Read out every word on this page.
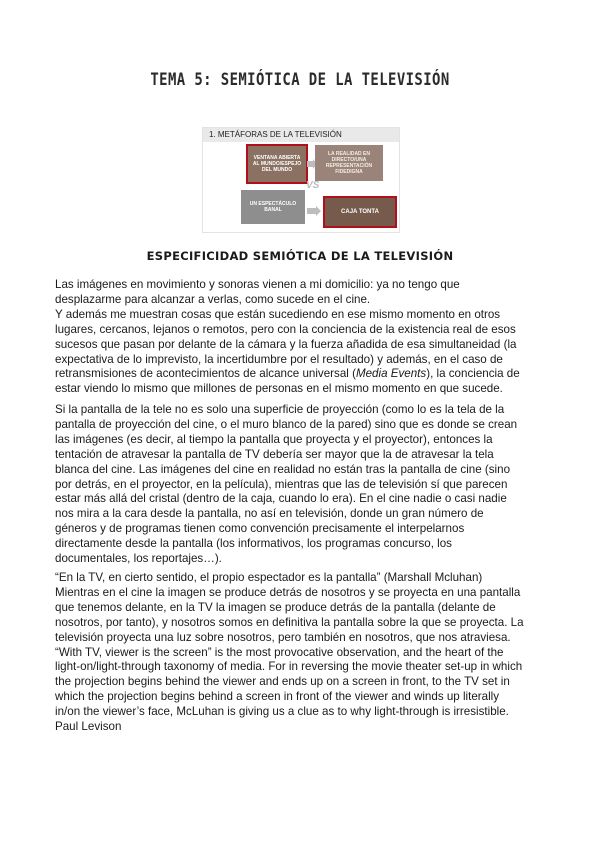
TEMA 5: SEMIÓTICA DE LA TELEVISIÓN
1. METÁFORAS DE LA TELEVISIÓN
VENTANA ABIERTA AL MUNDO/ESPEJO DEL MUNDO
LA REALIDAD EN DIRECTO/UNA REPRESENTACIÓN FIDEDIGNA
VS
UN ESPECTÁCULO BANAL	CAJA TONTA
ESPECIFICIDAD SEMIÓTICA DE LA TELEVISIÓN

Las imágenes en movimiento y sonoras vienen a mi domicilio: ya no tengo que
desplazarme para alcanzar a verlas, como sucede en el cine.
Y además me muestran cosas que están sucediendo en ese mismo momento en otros
lugares, cercanos, lejanos o remotos, pero con la conciencia de la existencia real de esos
sucesos que pasan por delante de la cámara y la fuerza añadida de esa simultaneidad (la
expectativa de lo imprevisto, la incertidumbre por el resultado) y además, en el caso de
retransmisiones de acontecimientos de alcance universal (Media Events), la conciencia de
estar viendo lo mismo que millones de personas en el mismo momento en que sucede.

Si la pantalla de la tele no es solo una superficie de proyección (como lo es la tela de la
pantalla de proyección del cine, o el muro blanco de la pared) sino que es donde se crean
las imágenes (es decir, al tiempo la pantalla que proyecta y el proyector), entonces la
tentación de atravesar la pantalla de TV debería ser mayor que la de atravesar la tela
blanca del cine. Las imágenes del cine en realidad no están tras la pantalla de cine (sino
por detrás, en el proyector, en la película), mientras que las de televisión sí que parecen
estar más allá del cristal (dentro de la caja, cuando lo era). En el cine nadie o casi nadie
nos mira a la cara desde la pantalla, no así en televisión, donde un gran número de
géneros y de programas tienen como convención precisamente el interpelarnos
directamente desde la pantalla (los informativos, los programas concurso, los
documentales, los reportajes…).

“En la TV, en cierto sentido, el propio espectador es la pantalla” (Marshall Mcluhan)
Mientras en el cine la imagen se produce detrás de nosotros y se proyecta en una pantalla
que tenemos delante, en la TV la imagen se produce detrás de la pantalla (delante de
nosotros, por tanto), y nosotros somos en definitiva la pantalla sobre la que se proyecta. La
televisión proyecta una luz sobre nosotros, pero también en nosotros, que nos atraviesa.
“With TV, viewer is the screen” is the most provocative observation, and the heart of the
light-on/light-through taxonomy of media. For in reversing the movie theater set-up in which
the projection begins behind the viewer and ends up on a screen in front, to the TV set in
which the projection begins behind a screen in front of the viewer and winds up literally
in/on the viewer’s face, McLuhan is giving us a clue as to why light-through is irresistible.
Paul Levison
